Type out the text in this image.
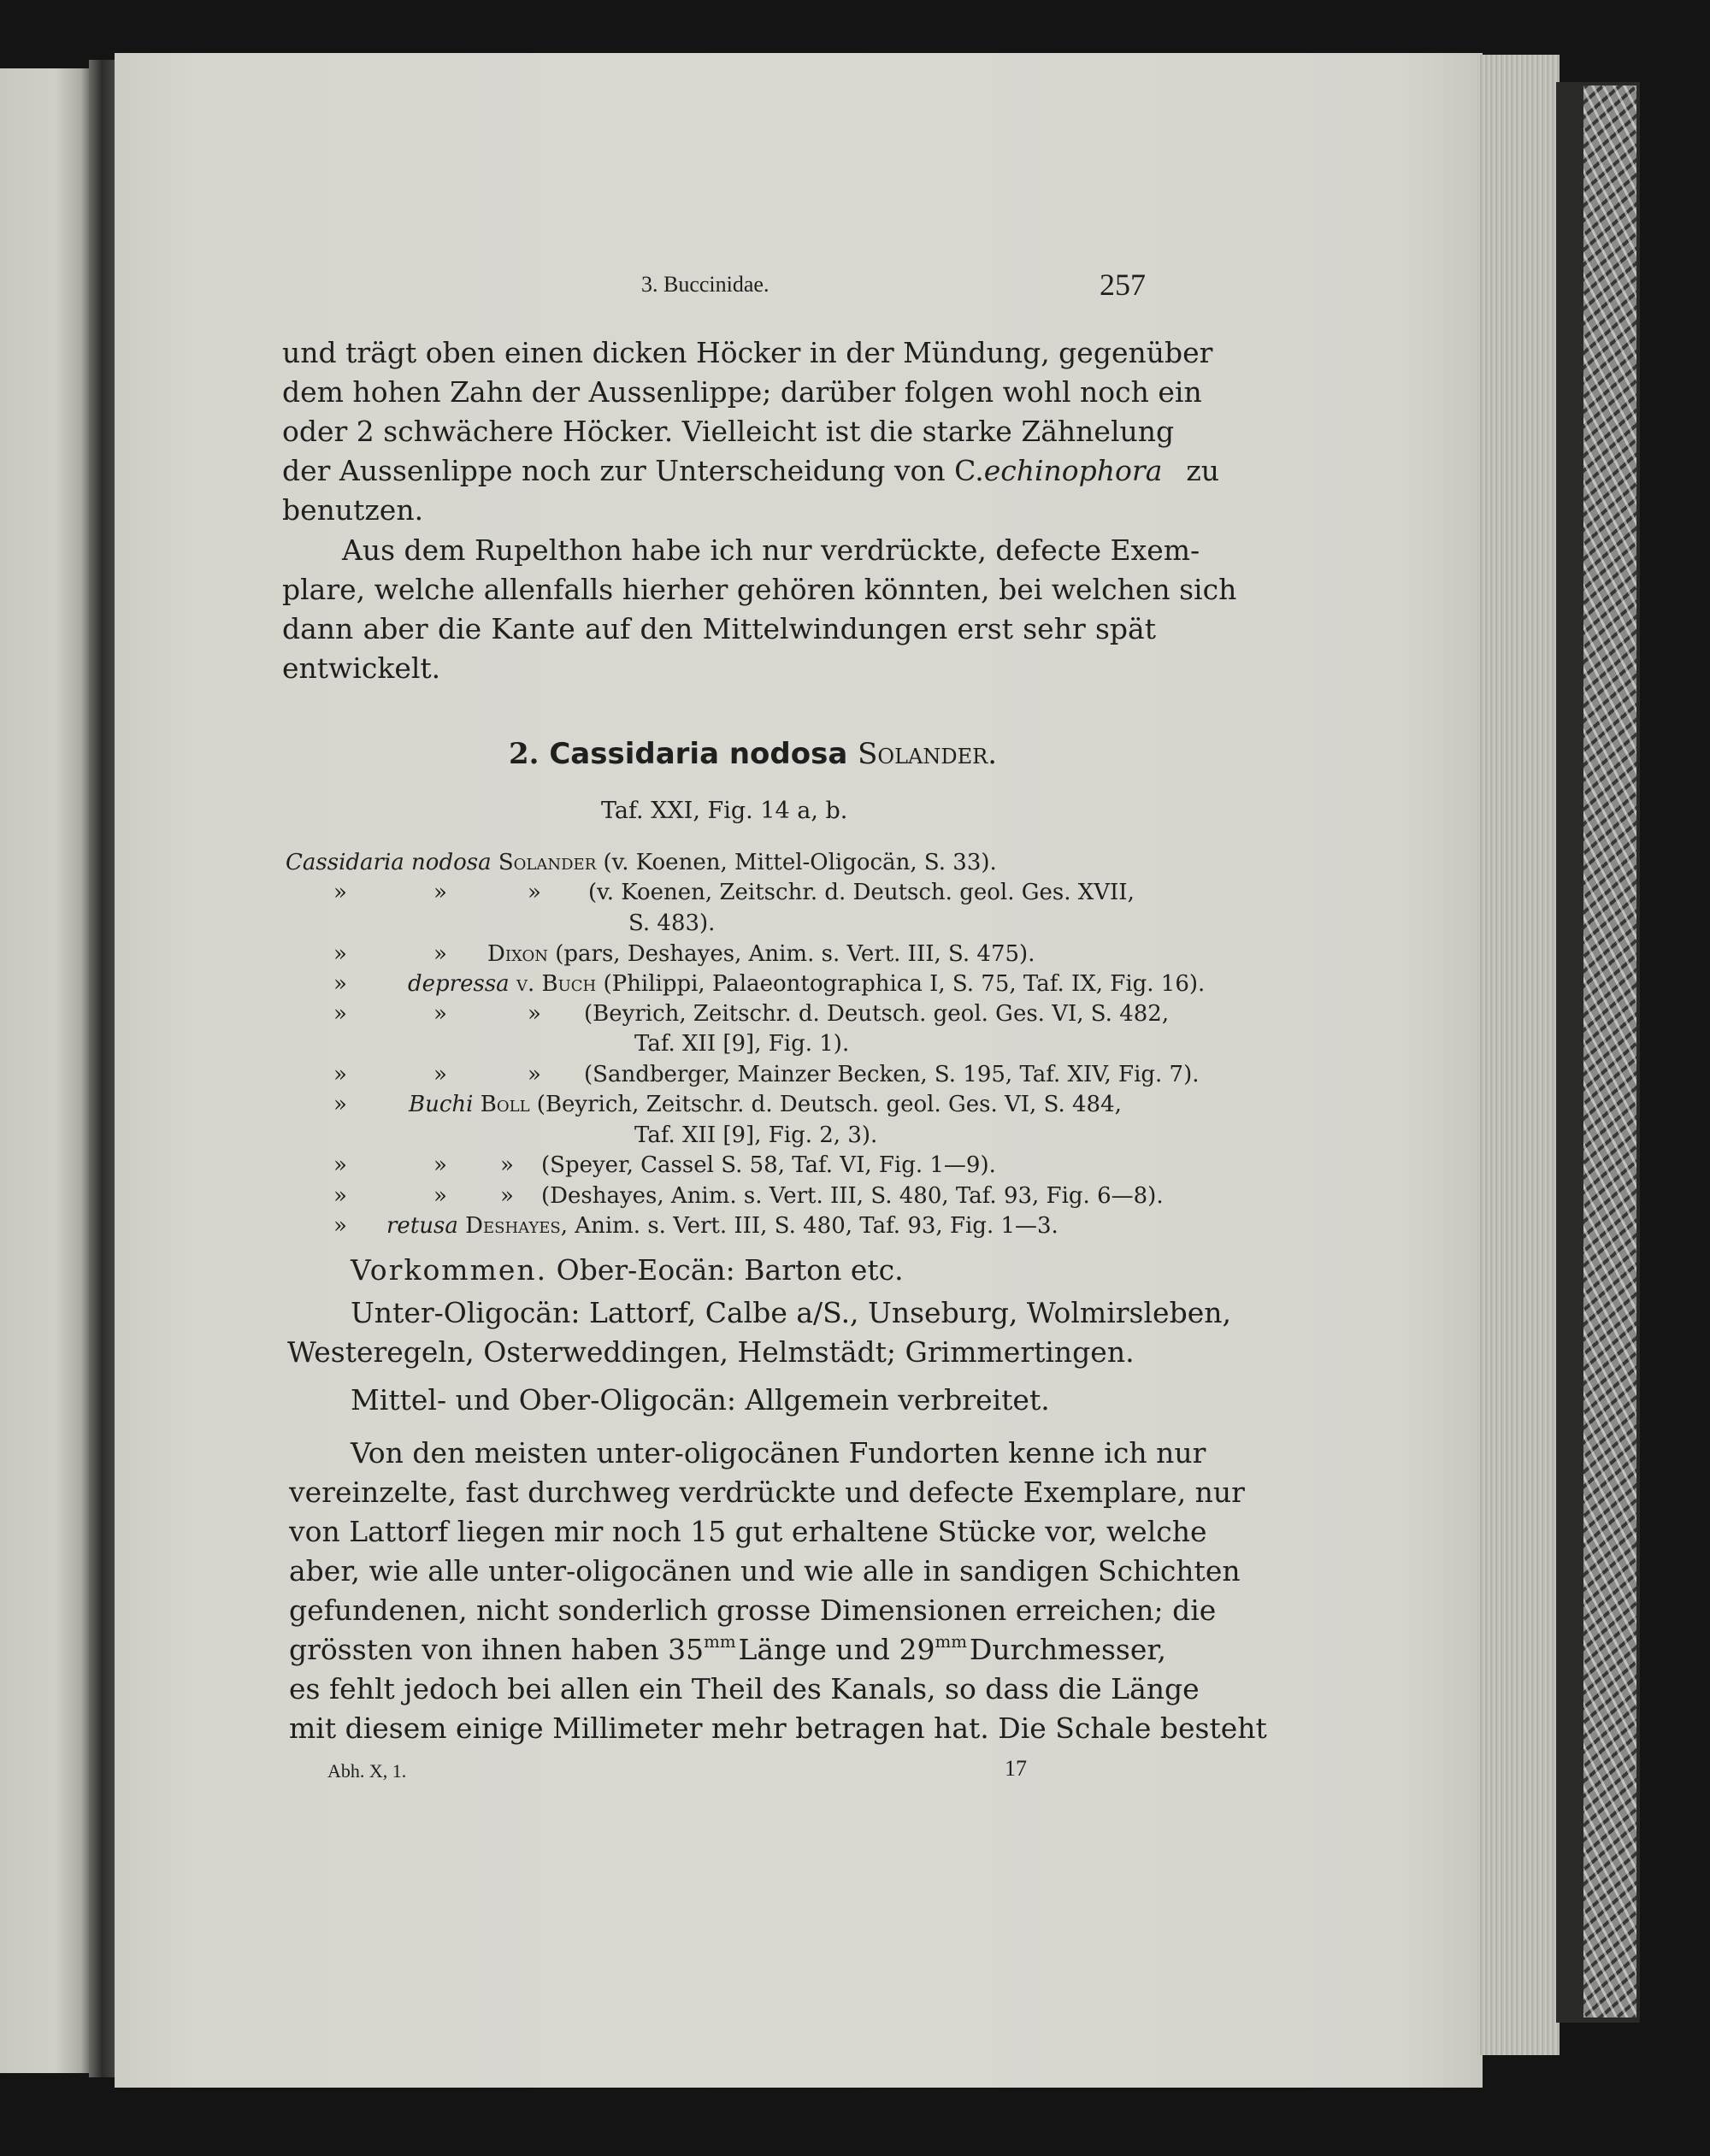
3. Buccinidae.	257
und trägt oben einen dicken Höcker in der Mündung, gegenüber
dem hohen Zahn der Aussenlippe; darüber folgen wohl noch ein
oder 2 schwächere Höcker. Vielleicht ist die starke Zähnelung
der Aussenlippe noch zur Unterscheidung von C. echinophora zu
benutzen.
Aus dem Rupelthon habe ich nur verdrückte, defecte Exem-
plare, welche allenfalls hierher gehören könnten, bei welchen sich
dann aber die Kante auf den Mittelwindungen erst sehr spät
entwickelt.
2. Cassidaria nodosa Solander.
Taf. XXI, Fig. 14 a, b.
Cassidaria nodosa Solander (v. Koenen, Mittel-Oligocän, S. 33).
»	»	» (v. Koenen, Zeitschr. d. Deutsch. geol. Ges. XVII,
S. 483).
»	» Dixon (pars, Deshayes, Anim. s. Vert. III, S. 475).
»	depressa v. Buch (Philippi, Palaeontographica I, S. 75, Taf. IX, Fig. 16).
»	»	» (Beyrich, Zeitschr. d. Deutsch. geol. Ges. VI, S. 482,
Taf. XII [9], Fig. 1).
»	»	» (Sandberger, Mainzer Becken, S. 195, Taf. XIV, Fig. 7).
»	Buchi Boll (Beyrich, Zeitschr. d. Deutsch. geol. Ges. VI, S. 484,
Taf. XII [9], Fig. 2, 3).
»	» » (Speyer, Cassel S. 58, Taf. VI, Fig. 1—9).
»	» » (Deshayes, Anim. s. Vert. III, S. 480, Taf. 93, Fig. 6—8).
» retusa Deshayes, Anim. s. Vert. III, S. 480, Taf. 93, Fig. 1—3.
Vorkommen. Ober-Eocän: Barton etc.
Unter-Oligocän: Lattorf, Calbe a/S., Unseburg, Wolmirsleben,
Westeregeln, Osterweddingen, Helmstädt; Grimmertingen.
Mittel- und Ober-Oligocän: Allgemein verbreitet.
Von den meisten unter-oligocänen Fundorten kenne ich nur
vereinzelte, fast durchweg verdrückte und defecte Exemplare, nur
von Lattorf liegen mir noch 15 gut erhaltene Stücke vor, welche
aber, wie alle unter-oligocänen und wie alle in sandigen Schichten
gefundenen, nicht sonderlich grosse Dimensionen erreichen; die
grössten von ihnen haben $35^{mm}$ Länge und $29^{mm}$ Durchmesser,
es fehlt jedoch bei allen ein Theil des Kanals, so dass die Länge
mit diesem einige Millimeter mehr betragen hat. Die Schale besteht
Abh. X, 1.	17
